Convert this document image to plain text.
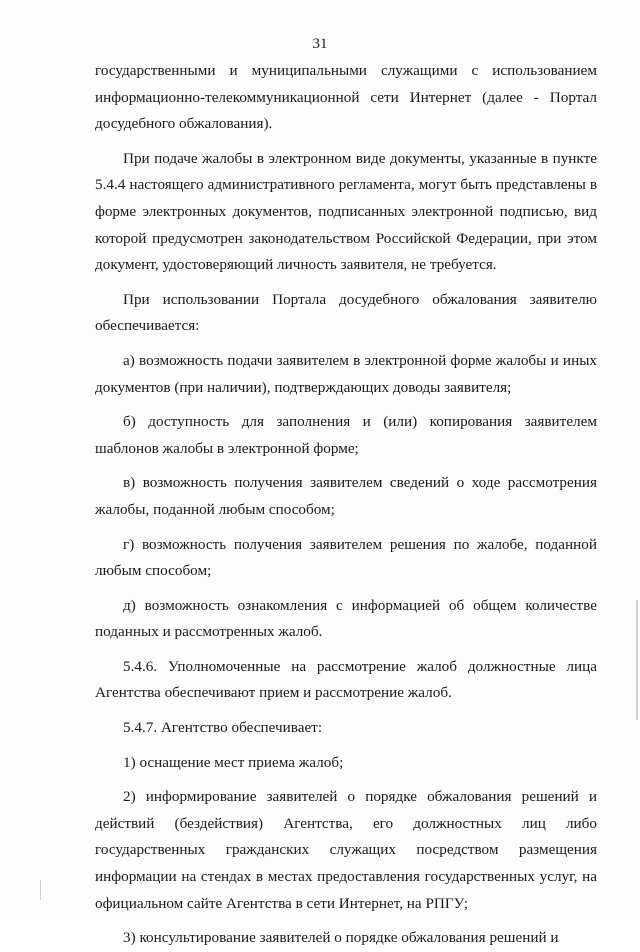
31

государственными и муниципальными служащими с использованием информационно-телекоммуникационной сети Интернет (далее - Портал досудебного обжалования).

При подаче жалобы в электронном виде документы, указанные в пункте 5.4.4 настоящего административного регламента, могут быть представлены в форме электронных документов, подписанных электронной подписью, вид которой предусмотрен законодательством Российской Федерации, при этом документ, удостоверяющий личность заявителя, не требуется.

При использовании Портала досудебного обжалования заявителю обеспечивается:

а) возможность подачи заявителем в электронной форме жалобы и иных документов (при наличии), подтверждающих доводы заявителя;

б) доступность для заполнения и (или) копирования заявителем шаблонов жалобы в электронной форме;

в) возможность получения заявителем сведений о ходе рассмотрения жалобы, поданной любым способом;

г) возможность получения заявителем решения по жалобе, поданной любым способом;

д) возможность ознакомления с информацией об общем количестве поданных и рассмотренных жалоб.

5.4.6. Уполномоченные на рассмотрение жалоб должностные лица Агентства обеспечивают прием и рассмотрение жалоб.

5.4.7. Агентство обеспечивает:

1) оснащение мест приема жалоб;

2) информирование заявителей о порядке обжалования решений и действий (бездействия) Агентства, его должностных лиц либо государственных гражданских служащих посредством размещения информации на стендах в местах предоставления государственных услуг, на официальном сайте Агентства в сети Интернет, на РПГУ;

3) консультирование заявителей о порядке обжалования решений и
